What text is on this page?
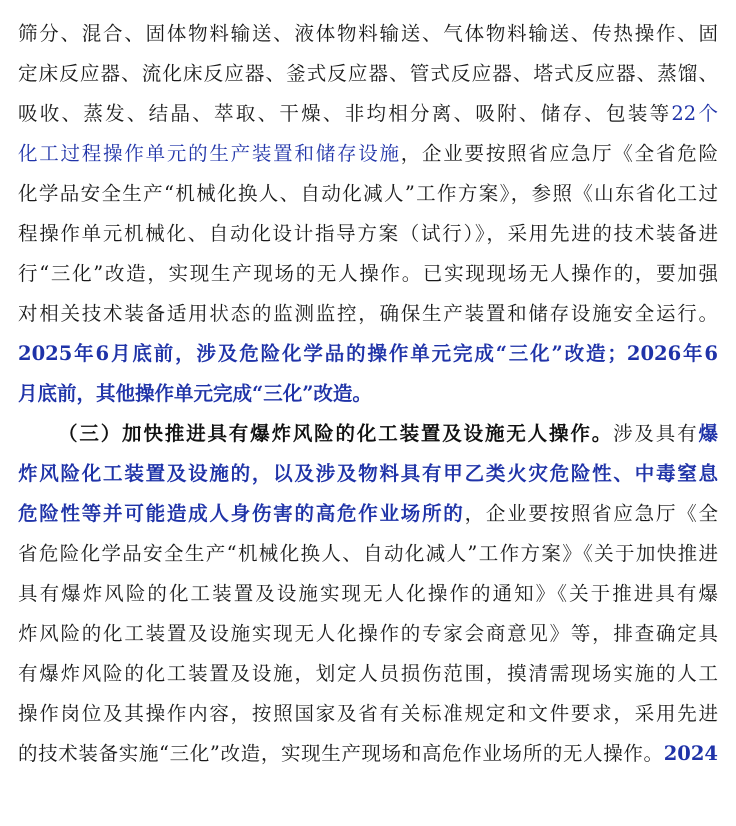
筛分、混合、固体物料输送、液体物料输送、气体物料输送、传热操作、固
定床反应器、流化床反应器、釜式反应器、管式反应器、塔式反应器、蒸馏、
吸收、蒸发、结晶、萃取、干燥、非均相分离、吸附、储存、包装等22个
化工过程操作单元的生产装置和储存设施，企业要按照省应急厅《全省危险
化学品安全生产“机械化换人、自动化减人”工作方案》，参照《山东省化工过
程操作单元机械化、自动化设计指导方案（试行）》，采用先进的技术装备进
行“三化”改造，实现生产现场的无人操作。已实现现场无人操作的，要加强
对相关技术装备适用状态的监测监控，确保生产装置和储存设施安全运行。
2025年6月底前，涉及危险化学品的操作单元完成“三化”改造；2026年6
月底前，其他操作单元完成“三化”改造。
（三）加快推进具有爆炸风险的化工装置及设施无人操作。涉及具有爆
炸风险化工装置及设施的，以及涉及物料具有甲乙类火灾危险性、中毒窒息
危险性等并可能造成人身伤害的高危作业场所的，企业要按照省应急厅《全
省危险化学品安全生产“机械化换人、自动化减人”工作方案》《关于加快推进
具有爆炸风险的化工装置及设施实现无人化操作的通知》《关于推进具有爆
炸风险的化工装置及设施实现无人化操作的专家会商意见》等，排查确定具
有爆炸风险的化工装置及设施，划定人员损伤范围，摸清需现场实施的人工
操作岗位及其操作内容，按照国家及省有关标准规定和文件要求，采用先进
的技术装备实施“三化”改造，实现生产现场和高危作业场所的无人操作。2024
